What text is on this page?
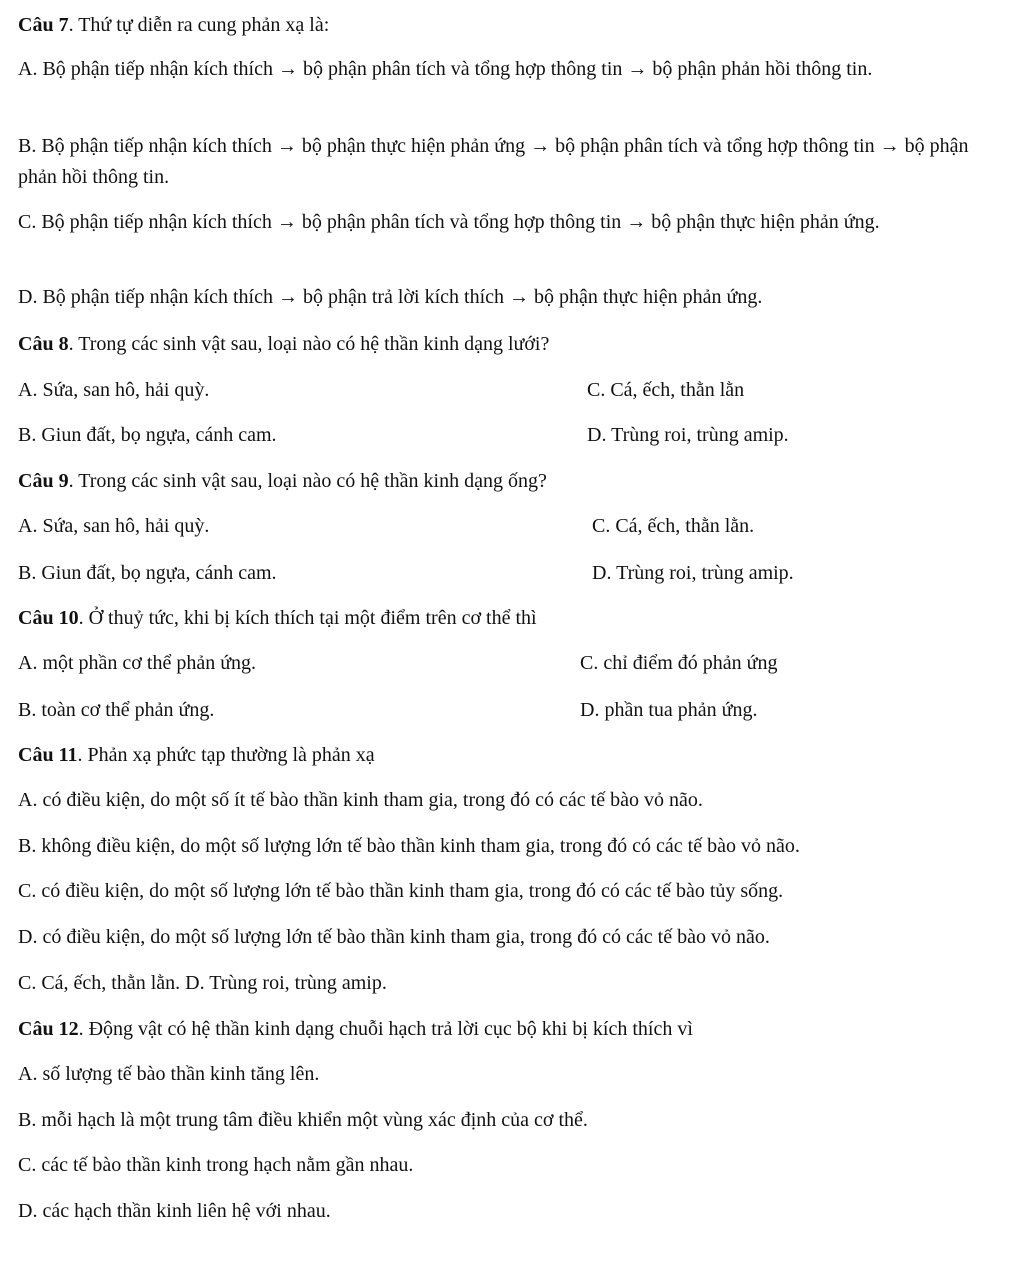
Câu 7. Thứ tự diễn ra cung phản xạ là:
A. Bộ phận tiếp nhận kích thích → bộ phận phân tích và tổng hợp thông tin → bộ phận phản hồi thông tin.
B. Bộ phận tiếp nhận kích thích → bộ phận thực hiện phản ứng → bộ phận phân tích và tổng hợp thông tin → bộ phận phản hồi thông tin.
C. Bộ phận tiếp nhận kích thích → bộ phận phân tích và tổng hợp thông tin → bộ phận thực hiện phản ứng.
D. Bộ phận tiếp nhận kích thích → bộ phận trả lời kích thích → bộ phận thực hiện phản ứng.
Câu 8. Trong các sinh vật sau, loại nào có hệ thần kinh dạng lưới?
A. Sứa, san hô, hải quỳ.	C. Cá, ếch, thằn lằn
B. Giun đất, bọ ngựa, cánh cam.	D. Trùng roi, trùng amip.
Câu 9. Trong các sinh vật sau, loại nào có hệ thần kinh dạng ống?
A. Sứa, san hô, hải quỳ.	C. Cá, ếch, thằn lằn.
B. Giun đất, bọ ngựa, cánh cam.	D. Trùng roi, trùng amip.
Câu 10. Ở thuỷ tức, khi bị kích thích tại một điểm trên cơ thể thì
A. một phần cơ thể phản ứng.	C. chỉ điểm đó phản ứng
B. toàn cơ thể phản ứng.	D. phần tua phản ứng.
Câu 11. Phản xạ phức tạp thường là phản xạ
A. có điều kiện, do một số ít tế bào thần kinh tham gia, trong đó có các tế bào vỏ não.
B. không điều kiện, do một số lượng lớn tế bào thần kinh tham gia, trong đó có các tế bào vỏ não.
C. có điều kiện, do một số lượng lớn tế bào thần kinh tham gia, trong đó có các tế bào tủy sống.
D. có điều kiện, do một số lượng lớn tế bào thần kinh tham gia, trong đó có các tế bào vỏ não.
C. Cá, ếch, thằn lằn. D. Trùng roi, trùng amip.
Câu 12. Động vật có hệ thần kinh dạng chuỗi hạch trả lời cục bộ khi bị kích thích vì
A. số lượng tế bào thần kinh tăng lên.
B. mỗi hạch là một trung tâm điều khiển một vùng xác định của cơ thể.
C. các tế bào thần kinh trong hạch nằm gần nhau.
D. các hạch thần kinh liên hệ với nhau.
